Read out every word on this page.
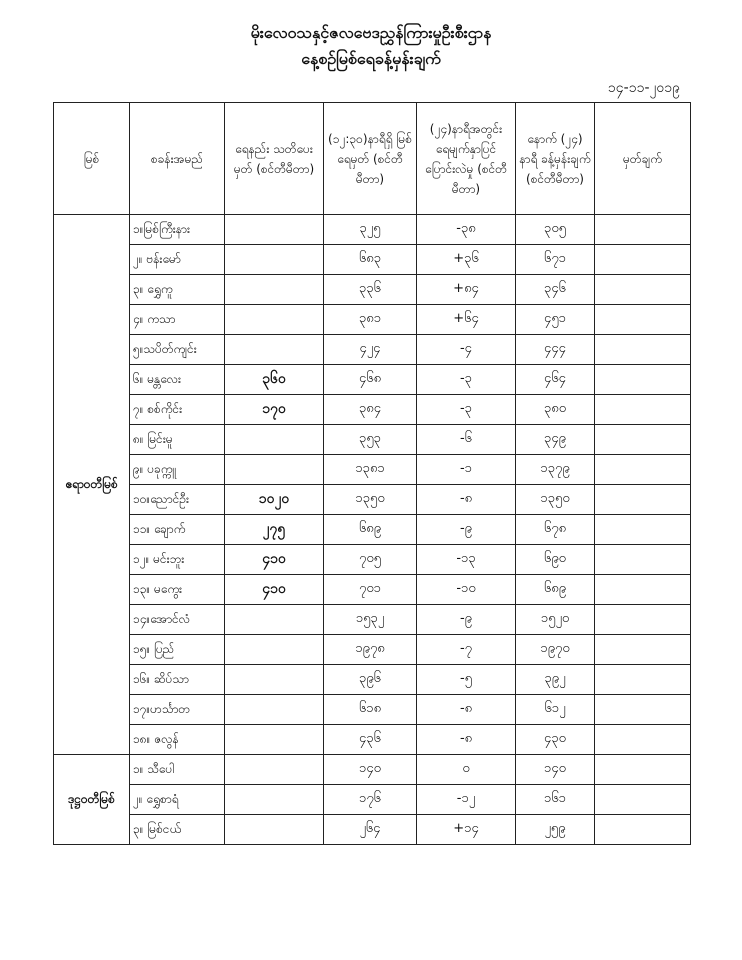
မိုးလေဝသနှင့်ဇလဗေဒညွှန်ကြားမှုဦးစီးဌာန
နေ့စဉ်မြစ်ရေခန့်မှန်းချက်
၁၄-၁၁-၂၀၁၉
မြစ်	စခန်းအမည်	ရေနည်း သတိပေးမှတ် (စင်တီမီတာ)	(၁၂:၃၀)နာရီရှိ မြစ်ရေမှတ် (စင်တီမီတာ)	(၂၄)နာရီအတွင်း ရေမျက်နှာပြင် ပြောင်းလဲမှု (စင်တီမီတာ)	နောက် (၂၄) နာရီ ခန့်မှန်းချက် (စင်တီမီတာ)	မှတ်ချက်
ဧရာဝတီမြစ်	၁။မြစ်ကြီးနား		၃၂၅	-၃၈	၃၀၅	
	၂။ ဗန်းမော်		၆၈၃	+၃၆	၆၇၁	
	၃။ ရွှေကူ		၃၃၆	+၈၄	၃၄၆	
	၄။ ကသာ		၃၈၁	+၆၄	၄၅၁	
	၅။သပိတ်ကျင်း		၄၂၄	-၄	၄၄၄	
	၆။ မန္တလေး	၃၆၀	၄၆၈	-၃	၄၆၄	
	၇။ စစ်ကိုင်း	၁၇၀	၃၈၄	-၃	၃၈၀	
	၈။ မြင်းမူ		၃၅၃	-၆	၃၄၉	
	၉။ ပခုက္ကူ		၁၃၈၁	-၁	၁၃၇၉	
	၁၀။ညောင်ဦး	၁၀၂၀	၁၃၅၀	-၈	၁၃၅၀	
	၁၁။ ချောက်	၂၇၅	၆၈၉	-၉	၆၇၈	
	၁၂။ မင်းဘူး	၄၁၀	၇၀၅	-၁၃	၆၉၀	
	၁၃။ မကွေး	၄၁၀	၇၀၁	-၁၀	၆၈၉	
	၁၄။အောင်လံ		၁၅၃၂	-၉	၁၅၂၀	
	၁၅။ ပြည်		၁၉၇၈	-၇	၁၉၇၀	
	၁၆။ ဆိပ်သာ		၃၉၆	-၅	၃၉၂	
	၁၇။ဟင်္သာတ		၆၁၈	-၈	၆၁၂	
	၁၈။ ဇလွန်		၄၃၆	-၈	၄၃၀	
ဒုဋ္ဌဝတီမြစ်	၁။ သီပေါ		၁၄၀	၀	၁၄၀	
	၂။ ရွှေစာရံ		၁၇၆	-၁၂	၁၆၁	
	၃။ မြစ်ငယ်		၂၆၄	+၁၄	၂၅၉	
